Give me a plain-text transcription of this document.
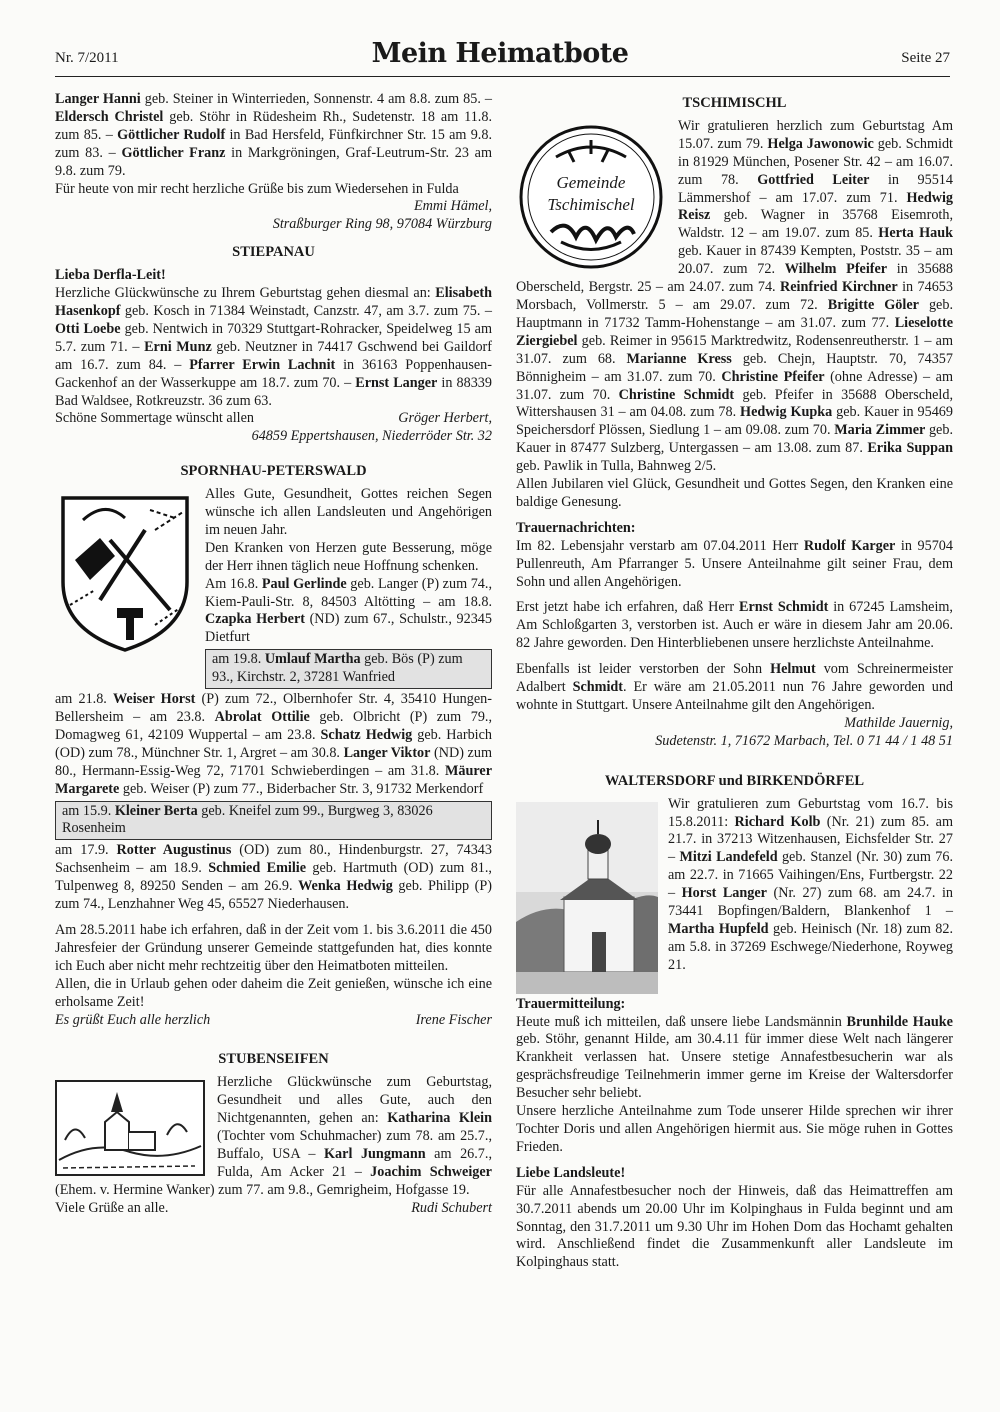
Nr. 7/2011	Mein Heimatbote	Seite 27

Langer Hanni geb. Steiner in Winterrieden, Sonnenstr. 4 am 8.8. zum 85. – Eldersch Christel geb. Stöhr in Rüdesheim Rh., Sudetenstr. 18 am 11.8. zum 85. – Göttlicher Rudolf in Bad Hersfeld, Fünfkirchner Str. 15 am 9.8. zum 83. – Göttlicher Franz in Markgröningen, Graf-Leutrum-Str. 23 am 9.8. zum 79.

Für heute von mir recht herzliche Grüße bis zum Wiedersehen in Fulda

Emmi Hämel,

Straßburger Ring 98, 97084 Würzburg

STIEPANAU

Lieba Derfla-Leit!

Herzliche Glückwünsche zu Ihrem Geburtstag gehen diesmal an: Elisabeth Hasenkopf geb. Kosch in 71384 Weinstadt, Canzstr. 47, am 3.7. zum 75. – Otti Loebe geb. Nentwich in 70329 Stuttgart-Rohracker, Speidelweg 15 am 5.7. zum 71. – Erni Munz geb. Neutzner in 74417 Gschwend bei Gaildorf am 16.7. zum 84. – Pfarrer Erwin Lachnit in 36163 Poppenhausen-Gackenhof an der Wasserkuppe am 18.7. zum 70. – Ernst Langer in 88339 Bad Waldsee, Rotkreuzstr. 36 zum 63.

Schöne Sommertage wünscht allen	Gröger Herbert,

64859 Eppertshausen, Niederröder Str. 32

SPORNHAU-PETERSWALD

Alles Gute, Gesundheit, Gottes reichen Segen wünsche ich allen Landsleuten und Angehörigen im neuen Jahr.

Den Kranken von Herzen gute Besserung, möge der Herr ihnen täglich neue Hoffnung schenken.

Am 16.8. Paul Gerlinde geb. Langer (P) zum 74., Kiem-Pauli-Str. 8, 84503 Altötting – am 18.8. Czapka Herbert (ND) zum 67., Schulstr., 92345 Dietfurt

am 19.8. Umlauf Martha geb. Bös (P) zum 93., Kirchstr. 2, 37281 Wanfried

am 21.8. Weiser Horst (P) zum 72., Olbernhofer Str. 4, 35410 Hungen-Bellersheim – am 23.8. Abrolat Ottilie geb. Olbricht (P) zum 79., Domagweg 61, 42109 Wuppertal – am 23.8. Schatz Hedwig geb. Harbich (OD) zum 78., Münchner Str. 1, Argret – am 30.8. Langer Viktor (ND) zum 80., Hermann-Essig-Weg 72, 71701 Schwieberdingen – am 31.8. Mäurer Margarete geb. Weiser (P) zum 77., Biderbacher Str. 3, 91732 Merkendorf

am 15.9. Kleiner Berta geb. Kneifel zum 99., Burgweg 3, 83026 Rosenheim

am 17.9. Rotter Augustinus (OD) zum 80., Hindenburgstr. 27, 74343 Sachsenheim – am 18.9. Schmied Emilie geb. Hartmuth (OD) zum 81., Tulpenweg 8, 89250 Senden – am 26.9. Wenka Hedwig geb. Philipp (P) zum 74., Lenzhahner Weg 45, 65527 Niederhausen.

Am 28.5.2011 habe ich erfahren, daß in der Zeit vom 1. bis 3.6.2011 die 450 Jahresfeier der Gründung unserer Gemeinde stattgefunden hat, dies konnte ich Euch aber nicht mehr rechtzeitig über den Heimatboten mitteilen.

Allen, die in Urlaub gehen oder daheim die Zeit genießen, wünsche ich eine erholsame Zeit!

Es grüßt Euch alle herzlich	Irene Fischer
STUBENSEIFEN

Herzliche Glückwünsche zum Geburtstag, Gesundheit und alles Gute, auch den Nichtgenannten, gehen an: Katharina Klein (Tochter vom Schuhmacher) zum 78. am 25.7., Buffalo, USA – Karl Jungmann am 26.7., Fulda, Am Acker 21 – Joachim Schweiger (Ehem. v. Hermine Wanker) zum 77. am 9.8., Gemrigheim, Hofgasse 19.

Viele Grüße an alle.	Rudi Schubert
TSCHIMISCHL
Gemeinde
Tschimischel

Wir gratulieren herzlich zum Geburtstag Am 15.07. zum 79. Helga Jawonowic geb. Schmidt in 81929 München, Posener Str. 42 – am 16.07. zum 78. Gottfried Leiter in 95514 Lämmershof – am 17.07. zum 71. Hedwig Reisz geb. Wagner in 35768 Eisemroth, Waldstr. 12 – am 19.07. zum 85. Herta Hauk geb. Kauer in 87439 Kempten, Poststr. 35 – am 20.07. zum 72. Wilhelm Pfeifer in 35688 Oberscheld, Bergstr. 25 – am 24.07. zum 74. Reinfried Kirchner in 74653 Morsbach, Vollmerstr. 5 – am 29.07. zum 72. Brigitte Göler geb. Hauptmann in 71732 Tamm-Hohenstange – am 31.07. zum 77. Lieselotte Ziergiebel geb. Reimer in 95615 Marktredwitz, Rodensenreutherstr. 1 – am 31.07. zum 68. Marianne Kress geb. Chejn, Hauptstr. 70, 74357 Bönnigheim – am 31.07. zum 70. Christine Pfeifer (ohne Adresse) – am 31.07. zum 70. Christine Schmidt geb. Pfeifer in 35688 Oberscheld, Wittershausen 31 – am 04.08. zum 78. Hedwig Kupka geb. Kauer in 95469 Speichersdorf Plössen, Siedlung 1 – am 09.08. zum 70. Maria Zimmer geb. Kauer in 87477 Sulzberg, Untergassen – am 13.08. zum 87. Erika Suppan geb. Pawlik in Tulla, Bahnweg 2/5.

Allen Jubilaren viel Glück, Gesundheit und Gottes Segen, den Kranken eine baldige Genesung.

Trauernachrichten:

Im 82. Lebensjahr verstarb am 07.04.2011 Herr Rudolf Karger in 95704 Pullenreuth, Am Pfarranger 5. Unsere Anteilnahme gilt seiner Frau, dem Sohn und allen Angehörigen.

Erst jetzt habe ich erfahren, daß Herr Ernst Schmidt in 67245 Lamsheim, Am Schloßgarten 3, verstorben ist. Auch er wäre in diesem Jahr am 20.06. 82 Jahre geworden. Den Hinterbliebenen unsere herzlichste Anteilnahme.

Ebenfalls ist leider verstorben der Sohn Helmut vom Schreinermeister Adalbert Schmidt. Er wäre am 21.05.2011 nun 76 Jahre geworden und wohnte in Stuttgart. Unsere Anteilnahme gilt den Angehörigen.

Mathilde Jauernig,

Sudetenstr. 1, 71672 Marbach, Tel. 0 71 44 / 1 48 51

WALTERSDORF und BIRKENDÖRFEL

Wir gratulieren zum Geburtstag vom 16.7. bis 15.8.2011: Richard Kolb (Nr. 21) zum 85. am 21.7. in 37213 Witzenhausen, Eichsfelder Str. 27 – Mitzi Landefeld geb. Stanzel (Nr. 30) zum 76. am 22.7. in 71665 Vaihingen/Ens, Furtbergstr. 22 – Horst Langer (Nr. 27) zum 68. am 24.7. in 73441 Bopfingen/Baldern, Blankenhof 1 – Martha Hupfeld geb. Heinisch (Nr. 18) zum 82. am 5.8. in 37269 Eschwege/Niederhone, Royweg 21.

Trauermitteilung:

Heute muß ich mitteilen, daß unsere liebe Landsmännin Brunhilde Hauke geb. Stöhr, genannt Hilde, am 30.4.11 für immer diese Welt nach längerer Krankheit verlassen hat. Unsere stetige Annafestbesucherin war als gesprächsfreudige Teilnehmerin immer gerne im Kreise der Waltersdorfer Besucher sehr beliebt.

Unsere herzliche Anteilnahme zum Tode unserer Hilde sprechen wir ihrer Tochter Doris und allen Angehörigen hiermit aus. Sie möge ruhen in Gottes Frieden.

Liebe Landsleute!

Für alle Annafestbesucher noch der Hinweis, daß das Heimattreffen am 30.7.2011 abends um 20.00 Uhr im Kolpinghaus in Fulda beginnt und am Sonntag, den 31.7.2011 um 9.30 Uhr im Hohen Dom das Hochamt gehalten wird. Anschließend findet die Zusammenkunft aller Landsleute im Kolpinghaus statt.
